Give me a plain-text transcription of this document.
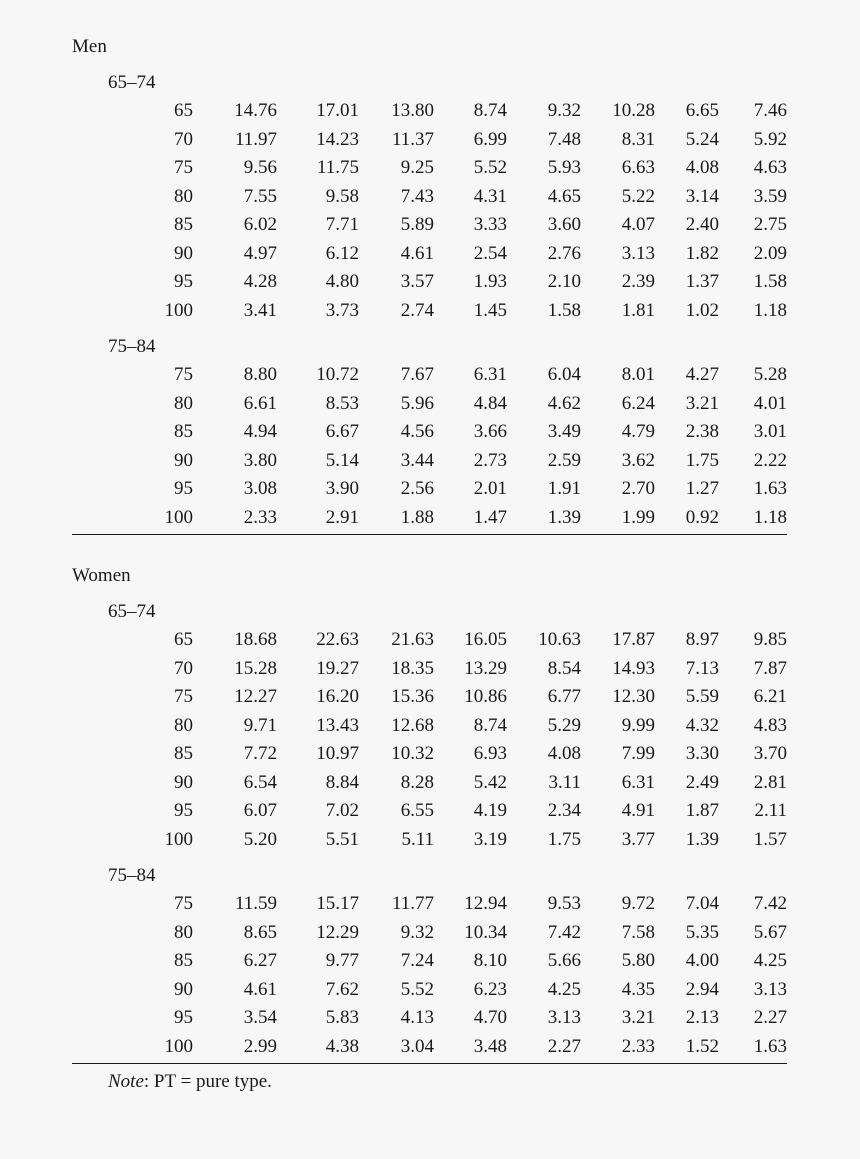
Men
65–74
65 14.76 17.01 13.80 8.74 9.32 10.28 6.65 7.46
70 11.97 14.23 11.37 6.99 7.48 8.31 5.24 5.92
75	9.56 11.75 9.25 5.52 5.93 6.63 4.08 4.63
80	7.55	9.58 7.43 4.31 4.65 5.22 3.14 3.59
85	6.02	7.71 5.89 3.33 3.60 4.07 2.40 2.75
90	4.97	6.12 4.61 2.54 2.76 3.13 1.82 2.09
95	4.28	4.80 3.57 1.93 2.10 2.39 1.37 1.58
100	3.41	3.73 2.74 1.45 1.58 1.81 1.02 1.18
75–84
75	8.80 10.72 7.67 6.31 6.04 8.01 4.27 5.28
80	6.61	8.53 5.96 4.84 4.62 6.24 3.21 4.01
85	4.94	6.67 4.56 3.66 3.49 4.79 2.38 3.01
90	3.80	5.14 3.44 2.73 2.59 3.62 1.75 2.22
95	3.08	3.90 2.56 2.01 1.91 2.70 1.27 1.63
100	2.33	2.91 1.88 1.47 1.39 1.99 0.92 1.18
Women
65–74
65 18.68 22.63 21.63 16.05 10.63 17.87 8.97 9.85
70 15.28 19.27 18.35 13.29 8.54 14.93 7.13 7.87
75 12.27 16.20 15.36 10.86 6.77 12.30 5.59 6.21
80	9.71 13.43 12.68 8.74 5.29 9.99 4.32 4.83
85	7.72 10.97 10.32 6.93 4.08 7.99 3.30 3.70
90	6.54	8.84 8.28 5.42 3.11 6.31 2.49 2.81
95	6.07	7.02 6.55 4.19 2.34 4.91 1.87 2.11
100	5.20	5.51 5.11 3.19 1.75 3.77 1.39 1.57
75–84
75 11.59 15.17 11.77 12.94 9.53 9.72 7.04 7.42
80	8.65 12.29 9.32 10.34 7.42 7.58 5.35 5.67
85	6.27	9.77 7.24 8.10 5.66 5.80 4.00 4.25
90	4.61	7.62 5.52 6.23 4.25 4.35 2.94 3.13
95	3.54	5.83 4.13 4.70 3.13 3.21 2.13 2.27
100	2.99	4.38 3.04 3.48 2.27 2.33 1.52 1.63
Note: PT = pure type.
